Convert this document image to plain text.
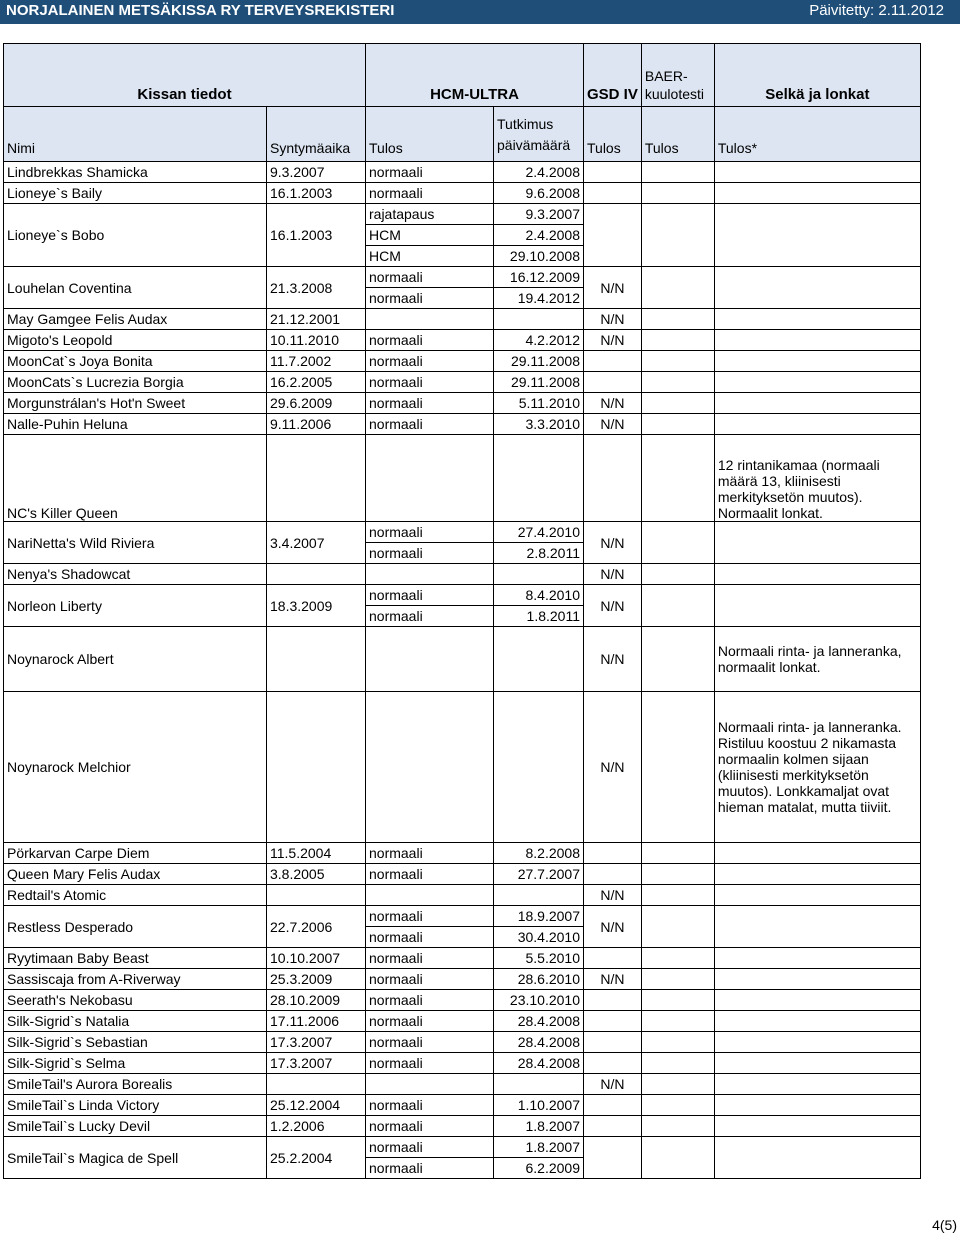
NORJALAINEN METSÄKISSA RY TERVEYSREKISTERI	Päivitetty: 2.11.2012
Kissan tiedot		HCM-ULTRA		GSD IV	BAER-
kuulotesti	Selkä ja lonkat
Nimi	Syntymäaika	Tulos	Tutkimus
päivämäärä	Tulos	Tulos	Tulos*
Lindbrekkas Shamicka	9.3.2007	normaali	2.4.2008			
Lioneye`s Baily	16.1.2003	normaali	9.6.2008			
Lioneye`s Bobo	16.1.2003	rajatapaus	9.3.2007			
		HCM	2.4.2008			
		HCM	29.10.2008			
Louhelan Coventina	21.3.2008	normaali	16.12.2009	N/N		
		normaali	19.4.2012			
May Gamgee Felis Audax	21.12.2001			N/N		
Migoto's Leopold	10.11.2010	normaali	4.2.2012	N/N		
MoonCat`s Joya Bonita	11.7.2002	normaali	29.11.2008			
MoonCats`s Lucrezia Borgia	16.2.2005	normaali	29.11.2008			
Morgunstrálan's Hot'n Sweet	29.6.2009	normaali	5.11.2010	N/N		
Nalle-Puhin Heluna	9.11.2006	normaali	3.3.2010	N/N		
NC's Killer Queen						12 rintanikamaa (normaali määrä 13, kliinisesti merkityksetön muutos). Normaalit lonkat.
NariNetta's Wild Riviera	3.4.2007	normaali	27.4.2010	N/N		
		normaali	2.8.2011			
Nenya's Shadowcat				N/N		
Norleon Liberty	18.3.2009	normaali	8.4.2010	N/N		
		normaali	1.8.2011			
Noynarock Albert				N/N		Normaali rinta- ja lanneranka, normaalit lonkat.
Noynarock Melchior				N/N		Normaali rinta- ja lanneranka. Ristiluu koostuu 2 nikamasta normaalin kolmen sijaan (kliinisesti merkityksetön muutos). Lonkkamaljat ovat hieman matalat, mutta tiiviit.
Pörkarvan Carpe Diem	11.5.2004	normaali	8.2.2008			
Queen Mary Felis Audax	3.8.2005	normaali	27.7.2007			
Redtail's Atomic				N/N		
Restless Desperado	22.7.2006	normaali	18.9.2007	N/N		
		normaali	30.4.2010			
Ryytimaan Baby Beast	10.10.2007	normaali	5.5.2010			
Sassiscaja from A-Riverway	25.3.2009	normaali	28.6.2010	N/N		
Seerath's Nekobasu	28.10.2009	normaali	23.10.2010			
Silk-Sigrid`s Natalia	17.11.2006	normaali	28.4.2008			
Silk-Sigrid`s Sebastian	17.3.2007	normaali	28.4.2008			
Silk-Sigrid`s Selma	17.3.2007	normaali	28.4.2008			
SmileTail's Aurora Borealis				N/N		
SmileTail`s Linda Victory	25.12.2004	normaali	1.10.2007			
SmileTail`s Lucky Devil	1.2.2006	normaali	1.8.2007			
SmileTail`s Magica de Spell	25.2.2004	normaali	1.8.2007			
		normaali	6.2.2009			
4(5)
